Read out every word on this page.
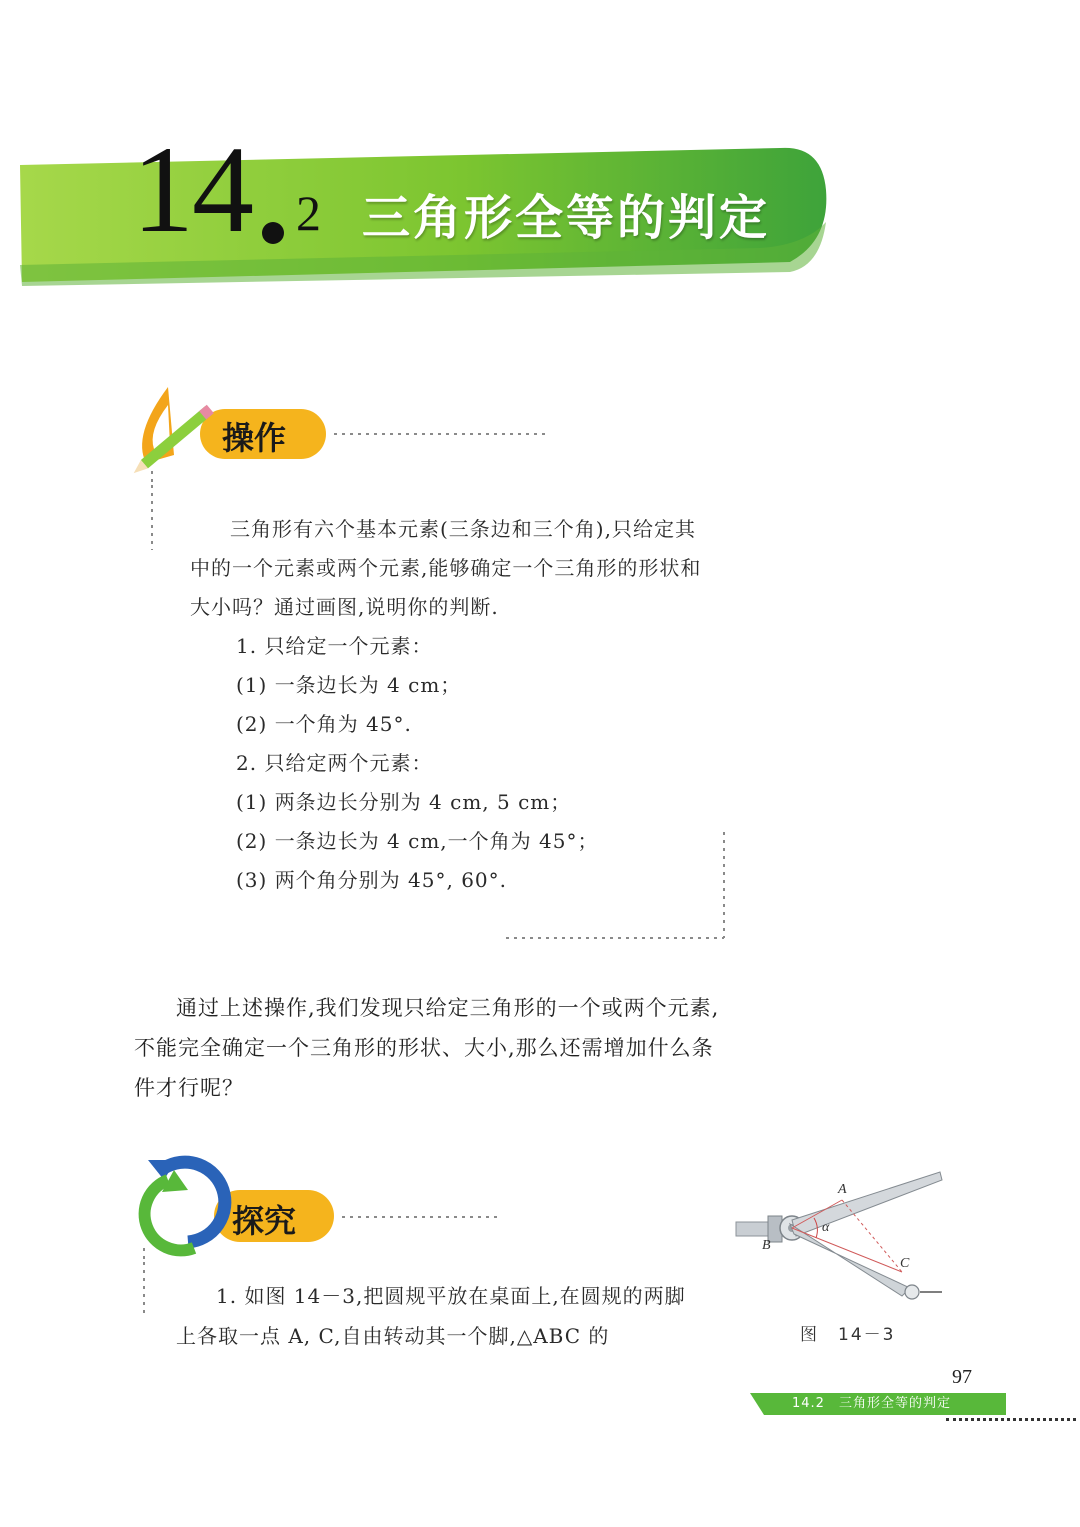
14 2 三角形全等的判定
操作

三角形有六个基本元素(三条边和三个角),只给定其中的一个元素或两个元素,能够确定一个三角形的形状和大小吗？通过画图,说明你的判断.

1. 只给定一个元素：

(1) 一条边长为 4 cm；

(2) 一个角为 45°.

2. 只给定两个元素：

(1) 两条边长分别为 4 cm, 5 cm；

(2) 一条边长为 4 cm,一个角为 45°；

(3) 两个角分别为 45°, 60°.

通过上述操作,我们发现只给定三角形的一个或两个元素,不能完全确定一个三角形的形状、大小,那么还需增加什么条件才行呢？

探究

1. 如图 14－3,把圆规平放在桌面上,在圆规的两脚上各取一点 A, C,自由转动其一个脚,△ABC 的

A
B
C
α
图　14－3
97
14.2　三角形全等的判定
